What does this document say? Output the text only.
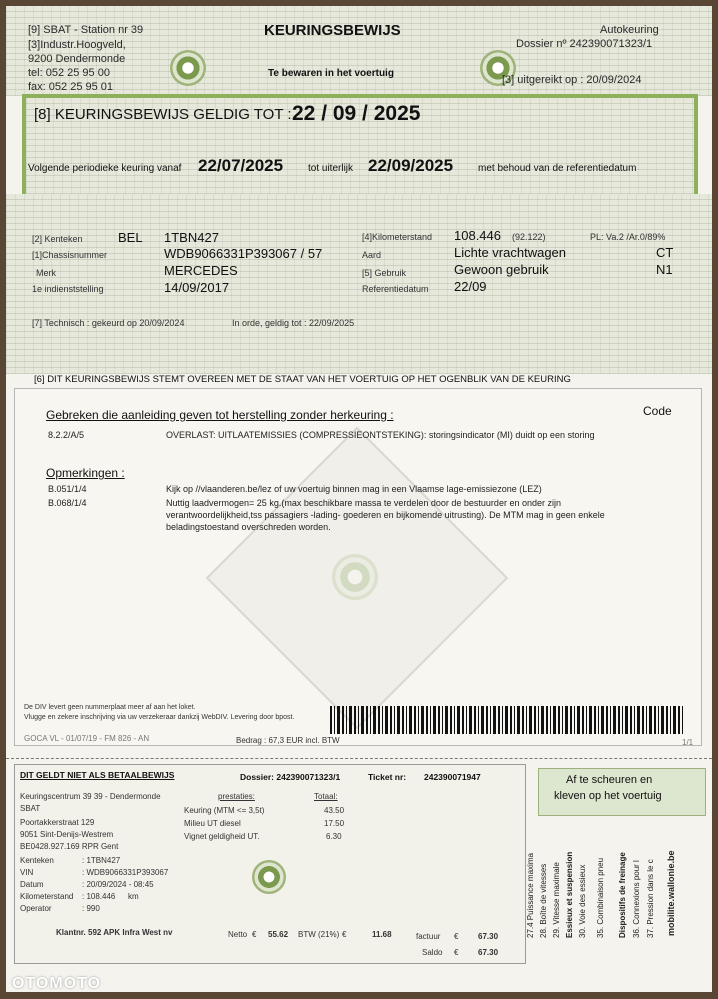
[9] SBAT - Station nr 39
[3]Industr.Hoogveld,
9200 Dendermonde
tel: 052 25 95 00
fax: 052 25 95 01
KEURINGSBEWIJS
Te bewaren in het voertuig
Autokeuring
Dossier nº 242390071323/1
[3] uitgereikt op : 20/09/2024
[8] KEURINGSBEWIJS GELDIG TOT : 22 / 09 / 2025
Volgende periodieke keuring vanaf 22/07/2025 tot uiterlijk 22/09/2025 met behoud van de referentiedatum
[2] Kenteken	BEL 1TBN427
[1]Chassisnummer	WDB9066331P393067 / 57
Merk	MERCEDES
1e indienststelling	14/09/2017
[4]Kilometerstand 108.446 (92.122)	PL: Va.2 /Ar.0/89%
Aard	Lichte vrachtwagen	CT
[5] Gebruik	Gewoon gebruik	N1
Referentiedatum 22/09
[7] Technisch : gekeurd op 20/09/2024	In orde, geldig tot : 22/09/2025
[6] DIT KEURINGSBEWIJS STEMT OVEREEN MET DE STAAT VAN HET VOERTUIG OP HET OGENBLIK VAN DE KEURING
Gebreken die aanleiding geven tot herstelling zonder herkeuring :	Code
8.2.2/A/5	OVERLAST: UITLAATEMISSIES (COMPRESSIEONTSTEKING): storingsindicator (MI) duidt op een storing
Opmerkingen :
B.051/1/4	Kijk op //vlaanderen.be/lez of uw voertuig binnen mag in een Vlaamse lage-emissiezone (LEZ)
B.068/1/4	Nuttig laadvermogen= 25 kg.(max beschikbare massa te verdelen door de bestuurder en onder zijn
verantwoordelijkheid,tss passagiers -lading- goederen en bijkomende uitrusting). De MTM mag in geen enkele
beladingstoestand overschreden worden.
De DIV levert geen nummerplaat meer af aan het loket.
Vlugge en zekere inschrijving via uw verzekeraar dankzij WebDIV. Levering door bpost.
GOCA VL - 01/07/19 - FM 826 - AN	Bedrag : 67,3 EUR incl. BTW	1/1
DIT GELDT NIET ALS BETAALBEWIJS	Dossier: 242390071323/1	Ticket nr: 242390071947
Keuringscentrum 39 39 - Dendermonde
SBAT
Poortakkerstraat 129
9051 Sint-Denijs-Westrem
BE0428.927.169 RPR Gent
Kenteken	: 1TBN427
VIN	: WDB9066331P393067
Datum	: 20/09/2024 - 08:45
Kilometerstand : 108.446 km
Operator	: 990
prestaties:	Totaal:
Keuring (MTM <= 3,5t)	43.50
Milieu UT diesel	17.50
Vignet geldigheid UT.	6.30
Klantnr. 592 APK Infra West nv	Netto € 55.62 BTW (21%) €	11.68	factuur € 67.30
Saldo € 67.30
Af te scheuren en
kleven op het voertuig
27.4 Puissance maxima 28. Boîte de vitesses 29. Vitesse maximale Essieux et suspension 30. Voie des essieux 35. Combinaison pneu Dispositifs de freinage 36. Connexions pour l 37. Pression dans le c mobilite.wallonie.be
OTOMOTO
